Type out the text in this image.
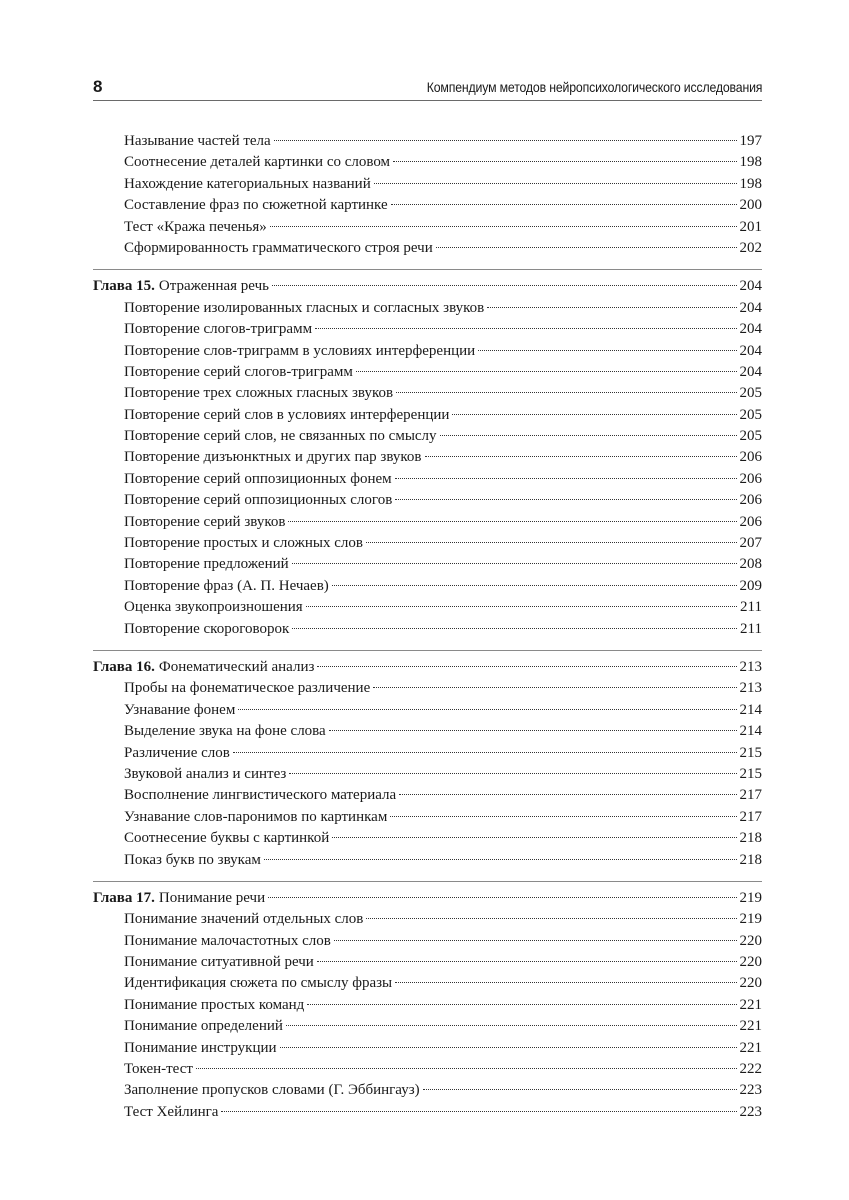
8	Компендиум методов нейропсихологического исследования
Называние частей тела	197
Соотнесение деталей картинки со словом	198
Нахождение категориальных названий	198
Составление фраз по сюжетной картинке	200
Тест «Кража печенья»	201
Сформированность грамматического строя речи	202
Глава 15. Отраженная речь	204
Повторение изолированных гласных и согласных звуков	204
Повторение слогов-триграмм	204
Повторение слов-триграмм в условиях интерференции	204
Повторение серий слогов-триграмм	204
Повторение трех сложных гласных звуков	205
Повторение серий слов в условиях интерференции	205
Повторение серий слов, не связанных по смыслу	205
Повторение дизъюнктных и других пар звуков	206
Повторение серий оппозиционных фонем	206
Повторение серий оппозиционных слогов	206
Повторение серий звуков	206
Повторение простых и сложных слов	207
Повторение предложений	208
Повторение фраз (А. П. Нечаев)	209
Оценка звукопроизношения	211
Повторение скороговорок	211
Глава 16. Фонематический анализ	213
Пробы на фонематическое различение	213
Узнавание фонем	214
Выделение звука на фоне слова	214
Различение слов	215
Звуковой анализ и синтез	215
Восполнение лингвистического материала	217
Узнавание слов-паронимов по картинкам	217
Соотнесение буквы с картинкой	218
Показ букв по звукам	218
Глава 17. Понимание речи	219
Понимание значений отдельных слов	219
Понимание малочастотных слов	220
Понимание ситуативной речи	220
Идентификация сюжета по смыслу фразы	220
Понимание простых команд	221
Понимание определений	221
Понимание инструкции	221
Токен-тест	222
Заполнение пропусков словами (Г. Эббингауз)	223
Тест Хейлинга	223
